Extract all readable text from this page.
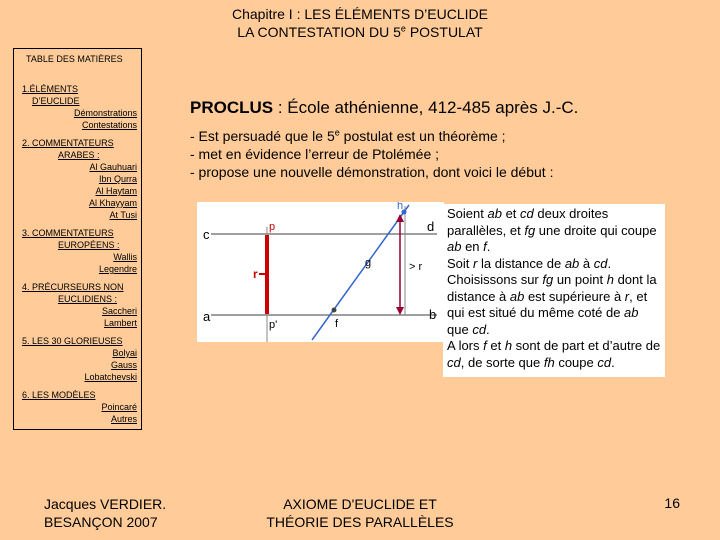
Chapitre I : LES ÉLÉMENTS D’EUCLIDE
LA CONTESTATION DU 5e POSTULAT
TABLE DES MATIÈRES
1.ÉLÉMENTS
D’EUCLIDE
Démonstrations
Contestations
2. COMMENTATEURS
ARABES :
Al Gauhuari
Ibn Qurra
Al Haytam
Al Khayyam
At Tusi
3. COMMENTATEURS
EUROPÉENS :
Wallis
Legendre
4. PRÉCURSEURS NON
EUCLIDIENS :
Saccheri
Lambert
5. LES 30 GLORIEUSES
Bolyai
Gauss
Lobatchevski
6. LES MODÈLES
Poincaré
Autres
PROCLUS : École athénienne, 412-485 après J.-C.
- Est persuadé que le 5e postulat est un théorème ;
- met en évidence l’erreur de Ptolémée ;
- propose une nouvelle démonstration, dont voici le début :
c
d
a	b
p
p'	f
g
h
r	> r
Soient ab et cd deux droites parallèles, et fg une droite qui coupe ab en f.
Soit r la distance de ab à cd. Choisissons sur fg un point h dont la distance à ab est supérieure à r, et qui est situé du même coté de ab que cd.
A lors f et h sont de part et d’autre de cd, de sorte que fh coupe cd.
Jacques VERDIER.
BESANÇON 2007
AXIOME D'EUCLIDE ET
THÉORIE DES PARALLÈLES
16
